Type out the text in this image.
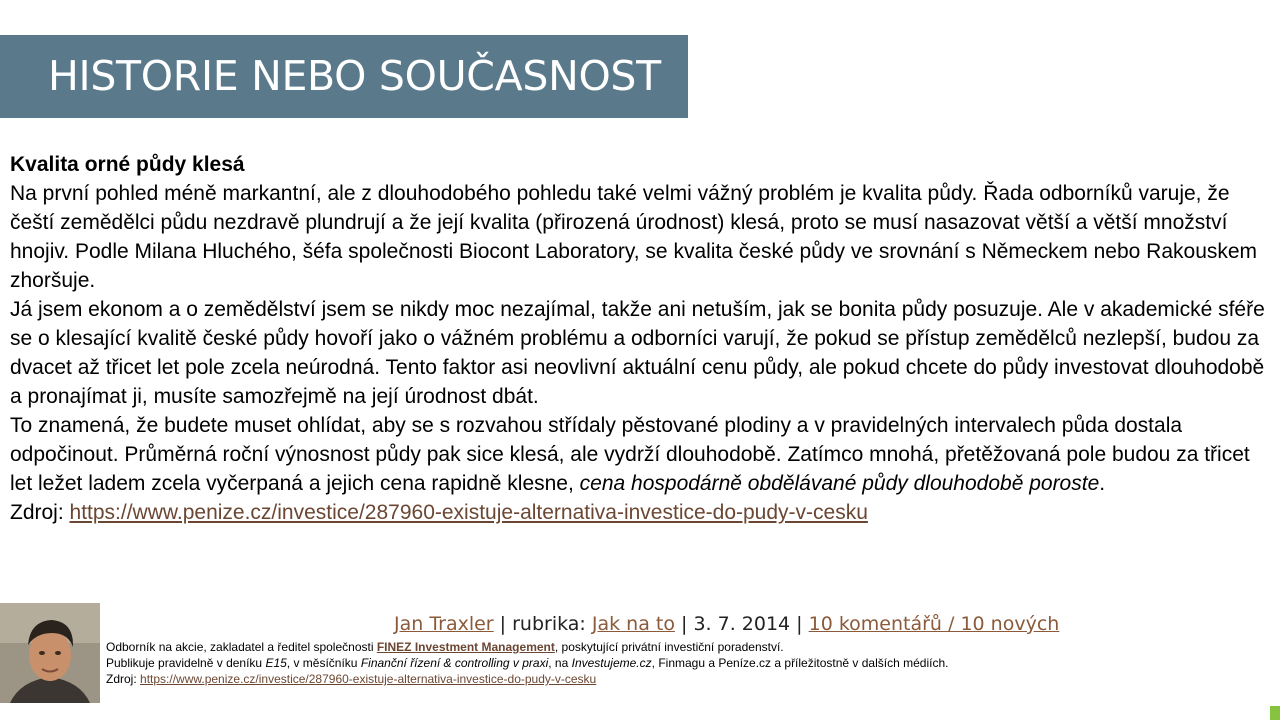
HISTORIE NEBO SOUČASNOST

Kvalita orné půdy klesá

Na první pohled méně markantní, ale z dlouhodobého pohledu také velmi vážný problém je kvalita půdy. Řada odborníků varuje, že čeští zemědělci půdu nezdravě plundrují a že její kvalita (přirozená úrodnost) klesá, proto se musí nasazovat větší a větší množství hnojiv. Podle Milana Hluchého, šéfa společnosti Biocont Laboratory, se kvalita české půdy ve srovnání s Německem nebo Rakouskem zhoršuje.

Já jsem ekonom a o zemědělství jsem se nikdy moc nezajímal, takže ani netuším, jak se bonita půdy posuzuje. Ale v akademické sféře se o klesající kvalitě české půdy hovoří jako o vážném problému a odborníci varují, že pokud se přístup zemědělců nezlepší, budou za dvacet až třicet let pole zcela neúrodná. Tento faktor asi neovlivní aktuální cenu půdy, ale pokud chcete do půdy investovat dlouhodobě a pronajímat ji, musíte samozřejmě na její úrodnost dbát.

To znamená, že budete muset ohlídat, aby se s rozvahou střídaly pěstované plodiny a v pravidelných intervalech půda dostala odpočinout. Průměrná roční výnosnost půdy pak sice klesá, ale vydrží dlouhodobě. Zatímco mnohá, přetěžovaná pole budou za třicet let ležet ladem zcela vyčerpaná a jejich cena rapidně klesne, cena hospodárně obdělávané půdy dlouhodobě poroste.

Zdroj: https://www.penize.cz/investice/287960-existuje-alternativa-investice-do-pudy-v-cesku

Jan Traxler | rubrika: Jak na to | 3. 7. 2014 | 10 komentářů / 10 nových

Odborník na akcie, zakladatel a ředitel společnosti FINEZ Investment Management, poskytující privátní investiční poradenství.

Publikuje pravidelně v deníku E15, v měsíčníku Finanční řízení & controlling v praxi, na Investujeme.cz, Finmagu a Peníze.cz a příležitostně v dalších médiích.

Zdroj: https://www.penize.cz/investice/287960-existuje-alternativa-investice-do-pudy-v-cesku
